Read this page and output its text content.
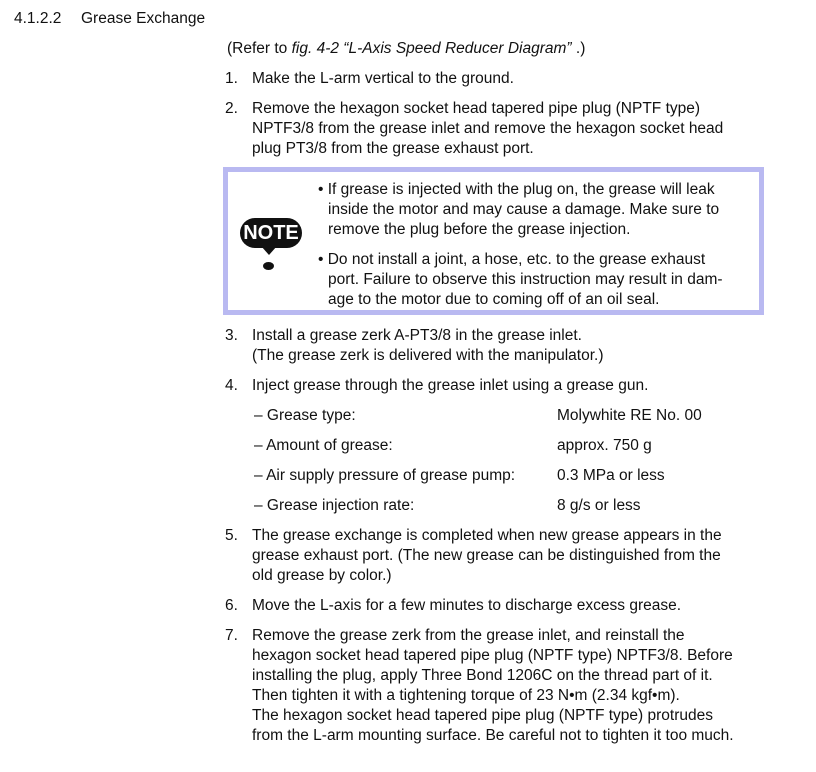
4.1.2.2 Grease Exchange
(Refer to fig. 4-2 “L-Axis Speed Reducer Diagram” .)
1. Make the L-arm vertical to the ground.
2. Remove the hexagon socket head tapered pipe plug (NPTF type)
NPTF3/8 from the grease inlet and remove the hexagon socket head
plug PT3/8 from the grease exhaust port.
NOTE
• If grease is injected with the plug on, the grease will leak
inside the motor and may cause a damage. Make sure to
remove the plug before the grease injection.
• Do not install a joint, a hose, etc. to the grease exhaust
port. Failure to observe this instruction may result in dam-
age to the motor due to coming off of an oil seal.
3. Install a grease zerk A-PT3/8 in the grease inlet.
(The grease zerk is delivered with the manipulator.)
4. Inject grease through the grease inlet using a grease gun.
– Grease type:	Molywhite RE No. 00
– Amount of grease:	approx. 750 g
– Air supply pressure of grease pump:	0.3 MPa or less
– Grease injection rate:	8 g/s or less
5. The grease exchange is completed when new grease appears in the
grease exhaust port. (The new grease can be distinguished from the
old grease by color.)
6. Move the L-axis for a few minutes to discharge excess grease.
7. Remove the grease zerk from the grease inlet, and reinstall the
hexagon socket head tapered pipe plug (NPTF type) NPTF3/8. Before
installing the plug, apply Three Bond 1206C on the thread part of it.
Then tighten it with a tightening torque of 23 N•m (2.34 kgf•m).
The hexagon socket head tapered pipe plug (NPTF type) protrudes
from the L-arm mounting surface. Be careful not to tighten it too much.
